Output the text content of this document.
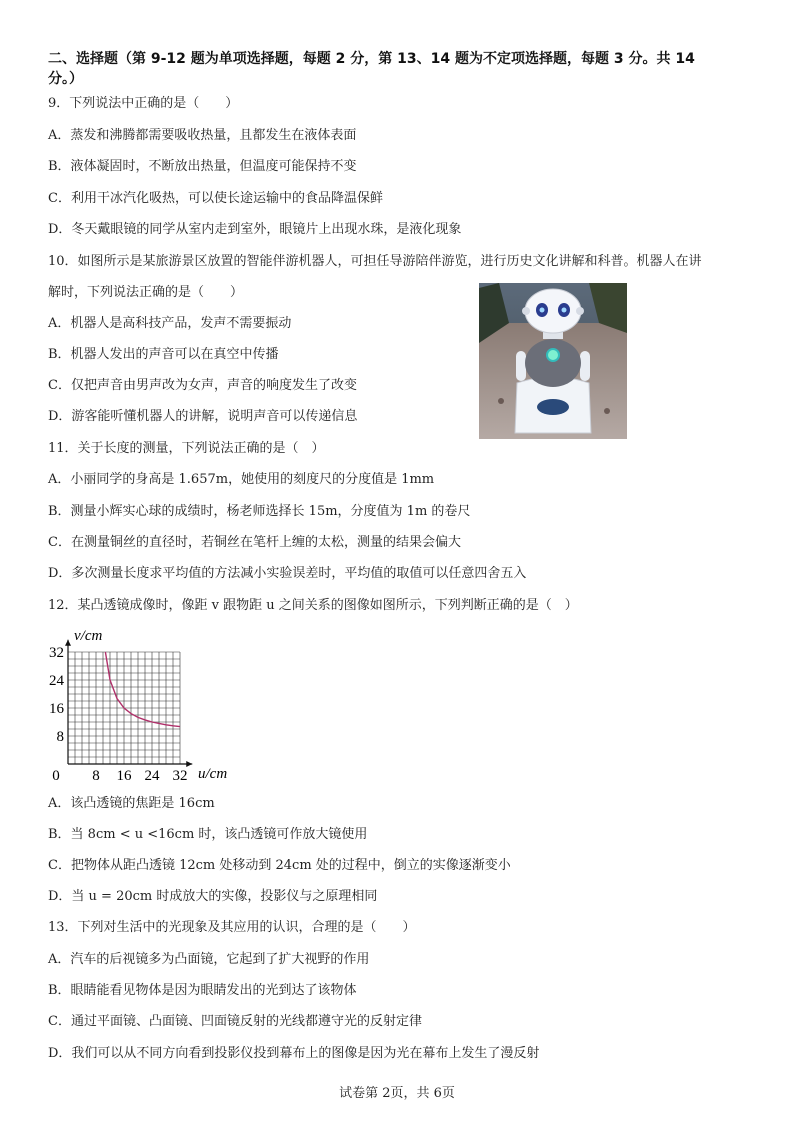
二、选择题（第 9-12 题为单项选择题，每题 2 分，第 13、14 题为不定项选择题，每题 3 分。共 14
分。）
9．下列说法中正确的是（　　）
A．蒸发和沸腾都需要吸收热量，且都发生在液体表面
B．液体凝固时，不断放出热量，但温度可能保持不变
C．利用干冰汽化吸热，可以使长途运输中的食品降温保鲜
D．冬天戴眼镜的同学从室内走到室外，眼镜片上出现水珠，是液化现象
10．如图所示是某旅游景区放置的智能伴游机器人，可担任导游陪伴游览，进行历史文化讲解和科普。机器人在讲
解时，下列说法正确的是（　　）
A．机器人是高科技产品，发声不需要振动
B．机器人发出的声音可以在真空中传播
C．仅把声音由男声改为女声，声音的响度发生了改变
D．游客能听懂机器人的讲解，说明声音可以传递信息
11．关于长度的测量，下列说法正确的是（　）
A．小丽同学的身高是 1.657m，她使用的刻度尺的分度值是 1mm
B．测量小辉实心球的成绩时，杨老师选择长 15m，分度值为 1m 的卷尺
C．在测量铜丝的直径时，若铜丝在笔杆上缠的太松，测量的结果会偏大
D．多次测量长度求平均值的方法减小实验误差时，平均值的取值可以任意四舍五入
12．某凸透镜成像时，像距 v 跟物距 u 之间关系的图像如图所示，下列判断正确的是（　）
0 8 16 24 32
8
16
24
32
v/cm
u/cm
A．该凸透镜的焦距是 16cm
B．当 8cm < u <16cm 时，该凸透镜可作放大镜使用
C．把物体从距凸透镜 12cm 处移动到 24cm 处的过程中，倒立的实像逐渐变小
D．当 u = 20cm 时成放大的实像，投影仪与之原理相同
13．下列对生活中的光现象及其应用的认识，合理的是（　　）
A．汽车的后视镜多为凸面镜，它起到了扩大视野的作用
B．眼睛能看见物体是因为眼睛发出的光到达了该物体
C．通过平面镜、凸面镜、凹面镜反射的光线都遵守光的反射定律
D．我们可以从不同方向看到投影仪投到幕布上的图像是因为光在幕布上发生了漫反射
试卷第 2页，共 6页
